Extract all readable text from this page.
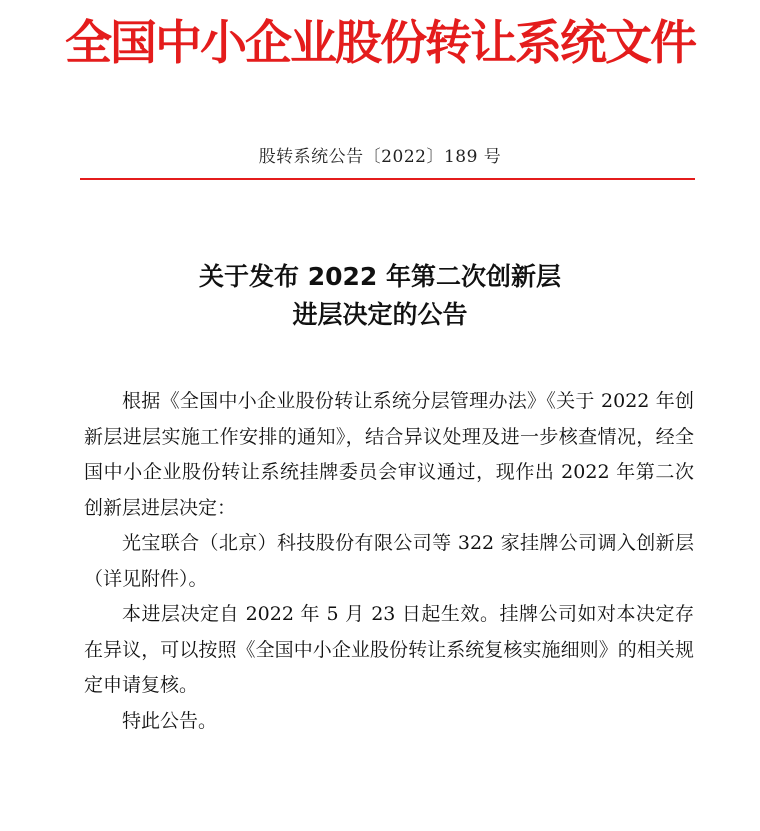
全国中小企业股份转让系统文件
股转系统公告〔2022〕189 号
关于发布 2022 年第二次创新层
进层决定的公告

根据《全国中小企业股份转让系统分层管理办法》《关于 2022 年创新层进层实施工作安排的通知》，结合异议处理及进一步核查情况，经全国中小企业股份转让系统挂牌委员会审议通过，现作出 2022 年第二次创新层进层决定：

光宝联合（北京）科技股份有限公司等 322 家挂牌公司调入创新层（详见附件）。

本进层决定自 2022 年 5 月 23 日起生效。挂牌公司如对本决定存在异议，可以按照《全国中小企业股份转让系统复核实施细则》的相关规定申请复核。

特此公告。
